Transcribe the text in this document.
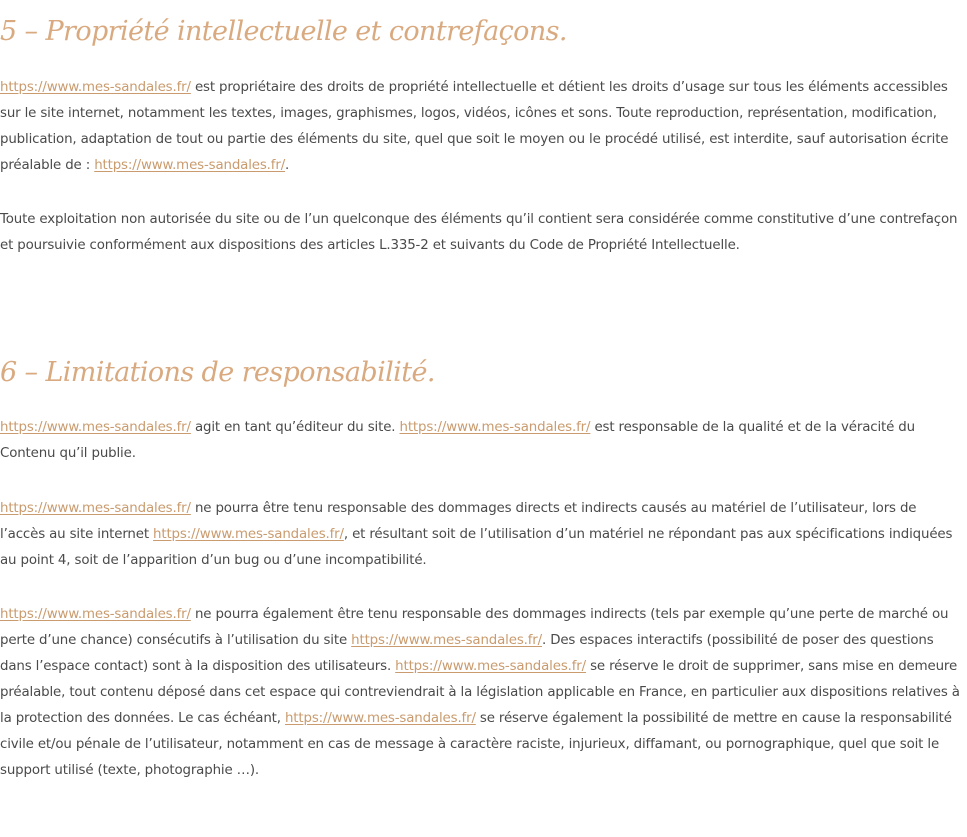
5 – Propriété intellectuelle et contrefaçons.

https://www.mes-sandales.fr/ est propriétaire des droits de propriété intellectuelle et détient les droits d’usage sur tous les éléments accessibles
sur le site internet, notamment les textes, images, graphismes, logos, vidéos, icônes et sons. Toute reproduction, représentation, modification,
publication, adaptation de tout ou partie des éléments du site, quel que soit le moyen ou le procédé utilisé, est interdite, sauf autorisation écrite
préalable de : https://www.mes-sandales.fr/.

Toute exploitation non autorisée du site ou de l’un quelconque des éléments qu’il contient sera considérée comme constitutive d’une contrefaçon
et poursuivie conformément aux dispositions des articles L.335-2 et suivants du Code de Propriété Intellectuelle.

6 – Limitations de responsabilité.

https://www.mes-sandales.fr/ agit en tant qu’éditeur du site. https://www.mes-sandales.fr/ est responsable de la qualité et de la véracité du
Contenu qu’il publie.

https://www.mes-sandales.fr/ ne pourra être tenu responsable des dommages directs et indirects causés au matériel de l’utilisateur, lors de
l’accès au site internet https://www.mes-sandales.fr/, et résultant soit de l’utilisation d’un matériel ne répondant pas aux spécifications indiquées
au point 4, soit de l’apparition d’un bug ou d’une incompatibilité.

https://www.mes-sandales.fr/ ne pourra également être tenu responsable des dommages indirects (tels par exemple qu’une perte de marché ou
perte d’une chance) consécutifs à l’utilisation du site https://www.mes-sandales.fr/. Des espaces interactifs (possibilité de poser des questions
dans l’espace contact) sont à la disposition des utilisateurs. https://www.mes-sandales.fr/ se réserve le droit de supprimer, sans mise en demeure
préalable, tout contenu déposé dans cet espace qui contreviendrait à la législation applicable en France, en particulier aux dispositions relatives à
la protection des données. Le cas échéant, https://www.mes-sandales.fr/ se réserve également la possibilité de mettre en cause la responsabilité
civile et/ou pénale de l’utilisateur, notamment en cas de message à caractère raciste, injurieux, diffamant, ou pornographique, quel que soit le
support utilisé (texte, photographie …).
